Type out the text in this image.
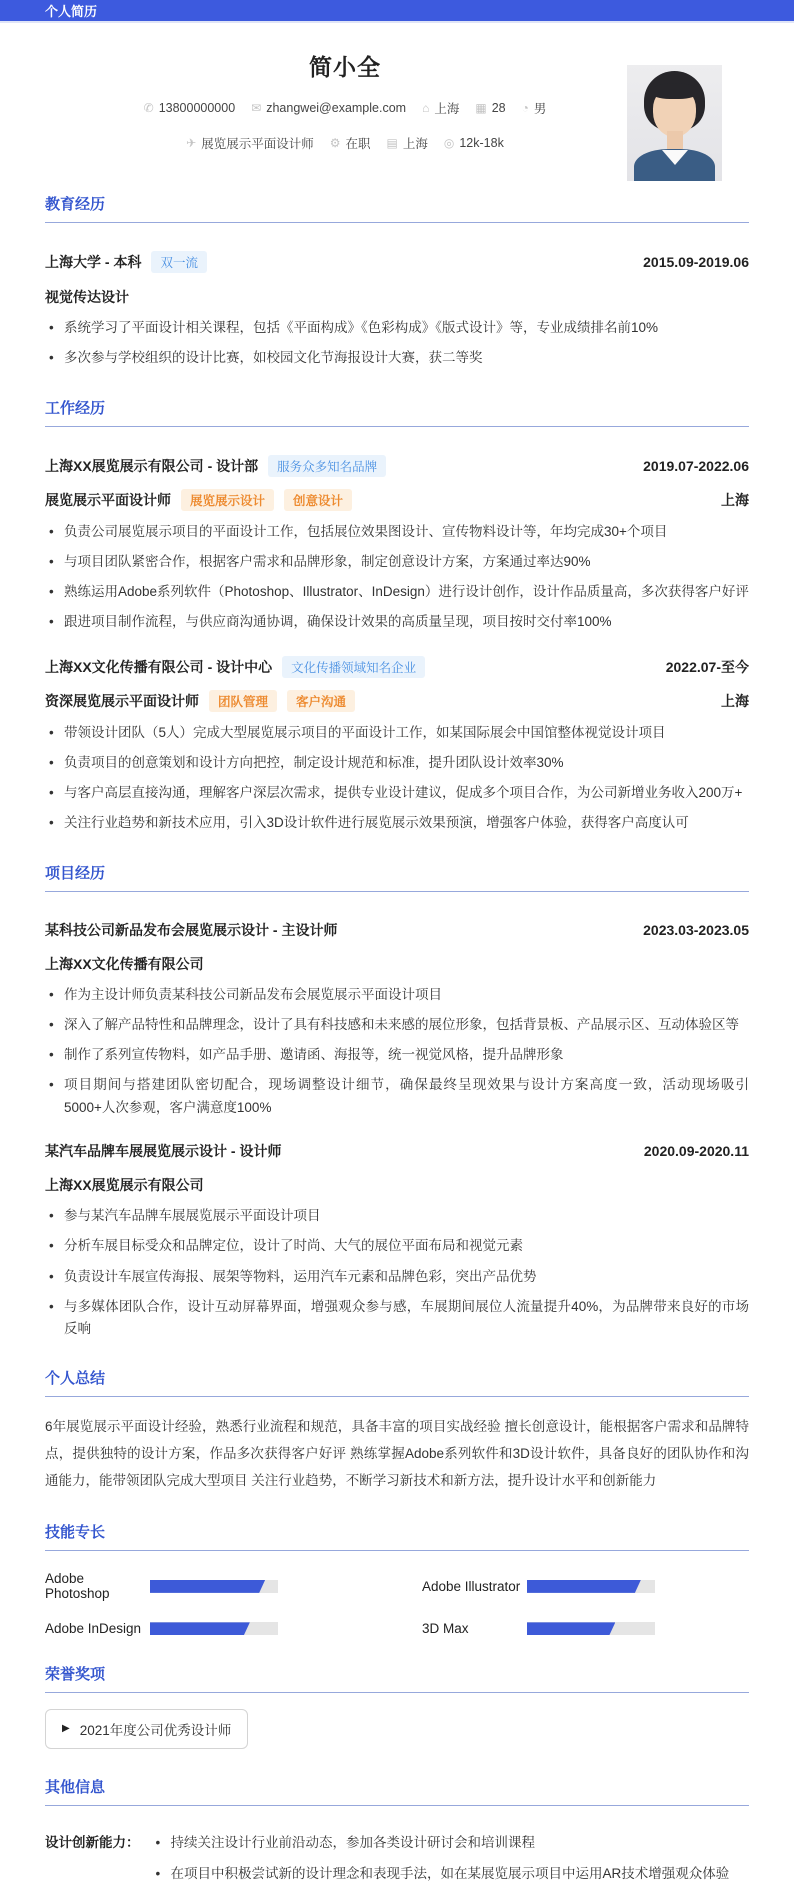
个人简历
简小全
✆ 13800000000 ✉ zhangwei@example.com ⌂ 上海 ▦ 28 ◔ 男
✈ 展览展示平面设计师 ⚙ 在职 ▤ 上海 ◎ 12k-18k
教育经历
上海大学 - 本科	双一流	2015.09-2019.06
视觉传达设计
• 系统学习了平面设计相关课程，包括《平面构成》《色彩构成》《版式设计》等，专业成绩排名前10%
• 多次参与学校组织的设计比赛，如校园文化节海报设计大赛，获二等奖
工作经历
上海XX展览展示有限公司 - 设计部	服务众多知名品牌	2019.07-2022.06
展览展示平面设计师	展览展示设计	创意设计	上海
• 负责公司展览展示项目的平面设计工作，包括展位效果图设计、宣传物料设计等，年均完成30+个项目
• 与项目团队紧密合作，根据客户需求和品牌形象，制定创意设计方案，方案通过率达90%
• 熟练运用Adobe系列软件（Photoshop、Illustrator、InDesign）进行设计创作，设计作品质量高，多次获得客户好评
• 跟进项目制作流程，与供应商沟通协调，确保设计效果的高质量呈现，项目按时交付率100%
上海XX文化传播有限公司 - 设计中心	文化传播领域知名企业	2022.07-至今
资深展览展示平面设计师	团队管理	客户沟通	上海
• 带领设计团队（5人）完成大型展览展示项目的平面设计工作，如某国际展会中国馆整体视觉设计项目
• 负责项目的创意策划和设计方向把控，制定设计规范和标准，提升团队设计效率30%
• 与客户高层直接沟通，理解客户深层次需求，提供专业设计建议，促成多个项目合作，为公司新增业务收入200万+
• 关注行业趋势和新技术应用，引入3D设计软件进行展览展示效果预演，增强客户体验，获得客户高度认可
项目经历
某科技公司新品发布会展览展示设计 - 主设计师	2023.03-2023.05
上海XX文化传播有限公司
• 作为主设计师负责某科技公司新品发布会展览展示平面设计项目
• 深入了解产品特性和品牌理念，设计了具有科技感和未来感的展位形象，包括背景板、产品展示区、互动体验区等
• 制作了系列宣传物料，如产品手册、邀请函、海报等，统一视觉风格，提升品牌形象
• 项目期间与搭建团队密切配合，现场调整设计细节，确保最终呈现效果与设计方案高度一致，活动现场吸引5000+人次参观，客户满意度100%
某汽车品牌车展展览展示设计 - 设计师	2020.09-2020.11
上海XX展览展示有限公司
• 参与某汽车品牌车展展览展示平面设计项目
• 分析车展目标受众和品牌定位，设计了时尚、大气的展位平面布局和视觉元素
• 负责设计车展宣传海报、展架等物料，运用汽车元素和品牌色彩，突出产品优势
• 与多媒体团队合作，设计互动屏幕界面，增强观众参与感，车展期间展位人流量提升40%，为品牌带来良好的市场反响
个人总结

6年展览展示平面设计经验，熟悉行业流程和规范，具备丰富的项目实战经验 擅长创意设计，能根据客户需求和品牌特点，提供独特的设计方案，作品多次获得客户好评 熟练掌握Adobe系列软件和3D设计软件，具备良好的团队协作和沟通能力，能带领团队完成大型项目 关注行业趋势，不断学习新技术和新方法，提升设计水平和创新能力

技能专长
Adobe Photoshop	Adobe Illustrator
Adobe InDesign	3D Max
荣誉奖项
▶ 2021年度公司优秀设计师
其他信息
设计创新能力：	• 持续关注设计行业前沿动态，参加各类设计研讨会和培训课程
• 在项目中积极尝试新的设计理念和表现手法，如在某展览展示项目中运用AR技术增强观众体验
